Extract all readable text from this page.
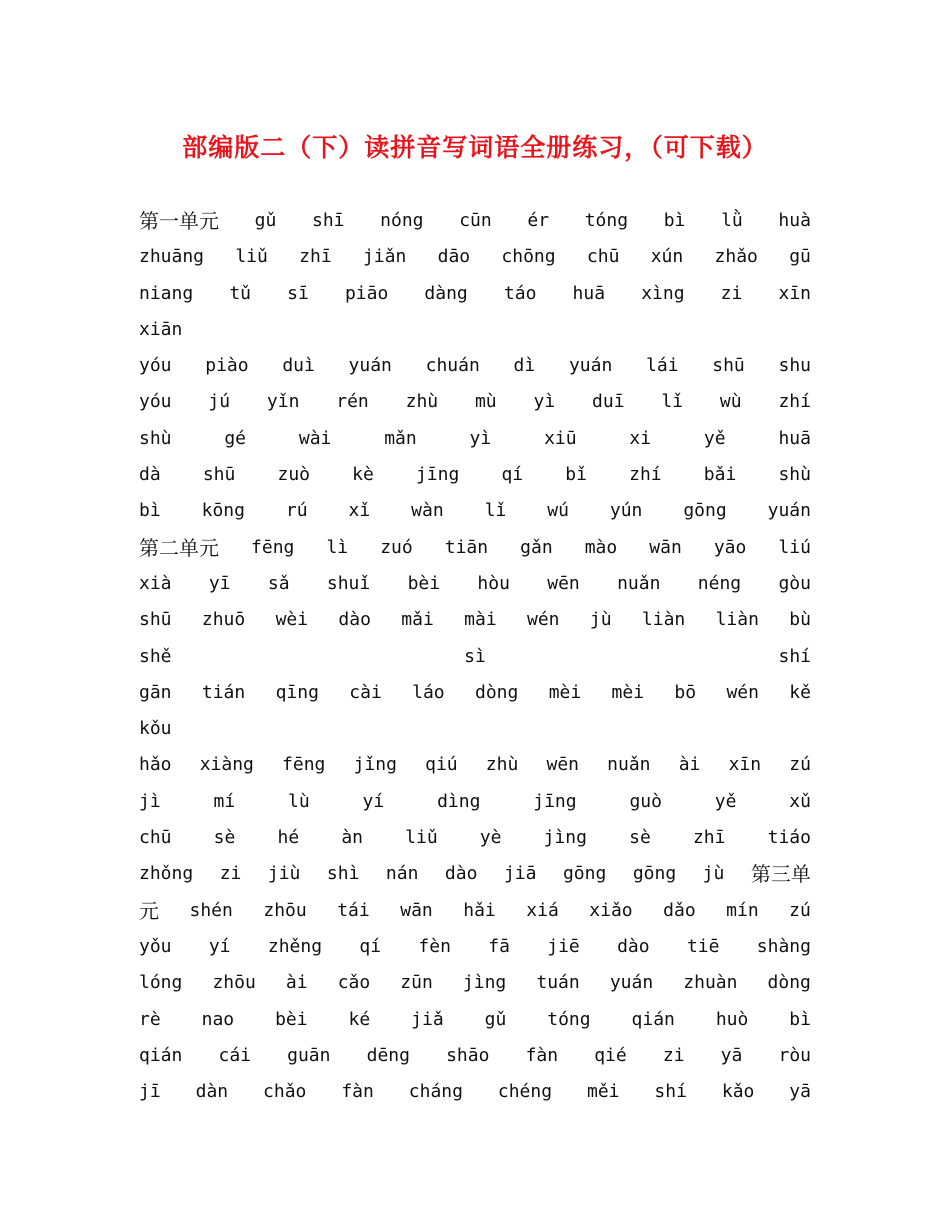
部编版二（下）读拼音写词语全册练习，（可下载）
第一单元 gǔ shī nóng cūn ér tóng bì lǜ huà
zhuāng liǔ zhī jiǎn dāo chōng chū xún zhǎo gū
niang tǔ sī piāo dàng táo huā xìng zi xīn
xiān
yóu piào duì yuán chuán dì yuán lái shū shu
yóu jú yǐn rén zhù mù yì duī lǐ wù zhí
shù	gé	wài	mǎn	yì	xiū	xi	yě	huā
dà shū zuò kè jīng qí bǐ zhí bǎi shù
bì kōng rú xǐ wàn lǐ wú yún gōng yuán
第二单元 fēng lì zuó tiān gǎn mào wān yāo liú
xià yī sǎ shuǐ bèi hòu wēn nuǎn néng gòu
shū zhuō wèi dào mǎi mài wén jù liàn liàn bù
shě	sì	shí
gān tián qīng cài láo dòng mèi mèi bō wén kě
kǒu
hǎo xiàng fēng jǐng qiú zhù wēn nuǎn ài xīn zú
jì	mí	lù	yí	dìng	jīng	guò	yě	xǔ
chū sè hé àn liǔ yè jìng sè zhī tiáo
zhǒng zi jiù shì nán dào jiā gōng gōng jù 第三单
元 shén zhōu tái wān hǎi xiá xiǎo dǎo mín zú
yǒu yí zhěng qí fèn fā jiē dào tiē shàng
lóng zhōu ài cǎo zūn jìng tuán yuán zhuàn dòng
rè nao bèi ké jiǎ gǔ tóng qián huò bì
qián cái guān dēng shāo fàn qié zi yā ròu
jī dàn chǎo fàn cháng chéng měi shí kǎo yā
